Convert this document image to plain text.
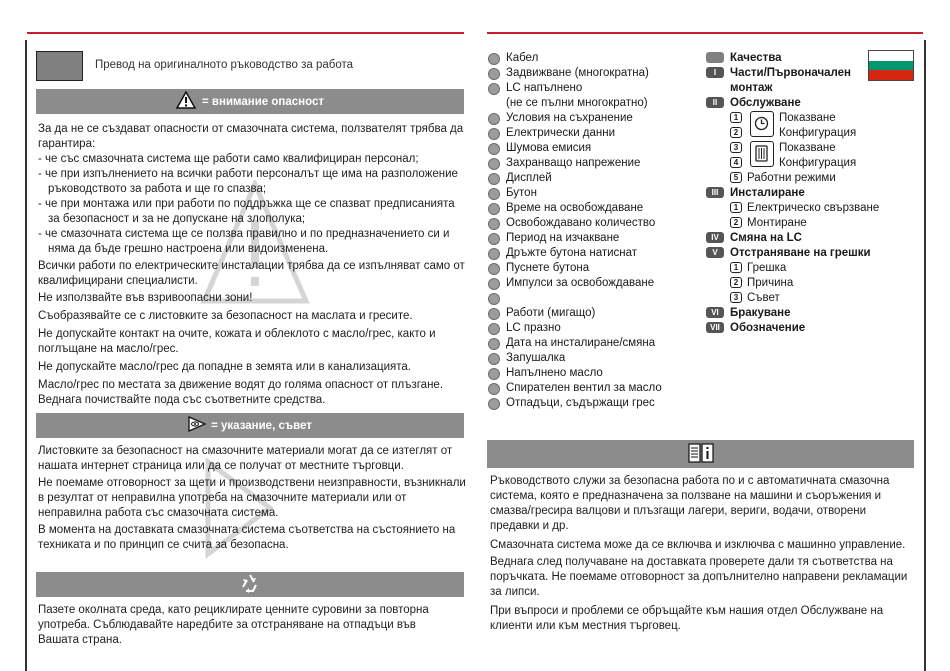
Превод на оригиналното ръководство за работа
= внимание опасност

За да не се създават опасности от смазочната система, ползвателят трябва да гарантира:

- че със смазочната система ще работи само квалифициран персонал;

- че при изпълнението на всички работи персоналът ще има на разположение ръководството за работа и ще го спазва;

- че при монтажа или при работи по поддръжка ще се спазват предписанията за безопасност и за не допускане на злополука;

- че смазочната система ще се ползва правилно и по предназначението си и няма да бъде грешно настроена или видоизменена.

Всички работи по електрическите инсталации трябва да се изпълняват само от квалифицирани специалисти.

Не използвайте във взривоопасни зони!

Съобразявайте се с листовките за безопасност на маслата и гресите.

Не допускайте контакт на очите, кожата и облеклото с масло/грес, както и поглъщане на масло/грес.

Не допускайте масло/грес да попадне в земята или в канализацията.

Масло/грес по местата за движение водят до голяма опасност от плъзгане. Веднага почиствайте пода със съответните средства.

= указание, съвет

Листовките за безопасност на смазочните материали могат да се изтеглят от нашата интернет страница или да се получат от местните търговци.

Не поемаме отговорност за щети и производствени неизправности, възникнали в резултат от неправилна употреба на смазочните материали или от неправилна работа със смазочната система.

В момента на доставката смазочната система съответства на състоянието на техниката и по принцип се счита за безопасна.

Пазете околната среда, като рециклирате ценните суровини за повторна употреба. Съблюдавайте наредбите за отстраняване на отпадъци във Вашата страна.
Кабел
Задвижване (многократна)
LC напълнено
(не се пълни многократно)
Условия на съхранение
Електрически данни
Шумова емисия
Захранващо напрежение
Дисплей
Бутон
Време на освобождаване
Освобождавано количество
Период на изчакване
Дръжте бутона натиснат
Пуснете бутона
Импулси за освобождаване
Работи (мигащо)
LC празно
Дата на инсталиране/смяна
Запушалка
Напълнено масло
Спирателен вентил за масло
Отпадъци, съдържащи грес
Качества
I	Части/Първоначален
монтаж
II	Обслужване
1	Показване
2	Конфигурация
3	Показване
4	Конфигурация
5 Работни режими
III	Инсталиране
1 Електрическо свързване
2 Монтиране
IV Смяна на LC
V	Отстраняване на грешки
1 Грешка
2 Причина
3 Съвет
VI Бракуване
VII Обозначение

Ръководството служи за безопасна работа по и с автоматичната смазочна система, която е предназначена за ползване на машини и съоръжения и смазва/гресира валцови и плъзгащи лагери, вериги, водачи, отворени предавки и др.

Смазочната система може да се включва и изключва с машинно управление.

Веднага след получаване на доставката проверете дали тя съответства на поръчката. Не поемаме отговорност за допълнително направени рекламации за липси.

При въпроси и проблеми се обръщайте към нашия отдел Обслужване на клиенти или към местния търговец.
